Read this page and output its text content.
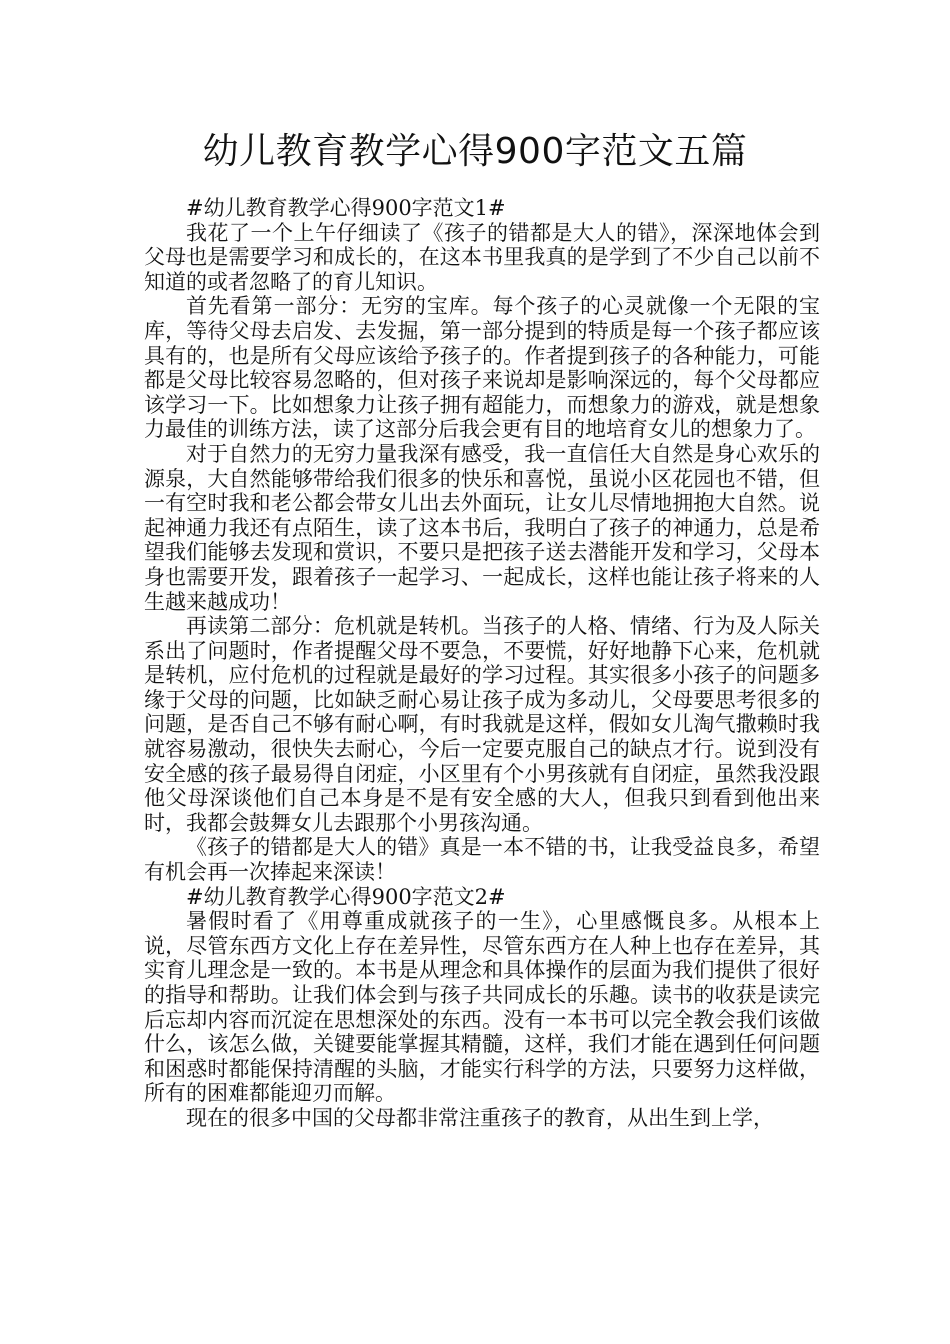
幼儿教育教学心得900字范文五篇

#幼儿教育教学心得900字范文1#

我花了一个上午仔细读了《孩子的错都是大人的错》，深深地体会到父母也是需要学习和成长的，在这本书里我真的是学到了不少自己以前不知道的或者忽略了的育儿知识。

首先看第一部分：无穷的宝库。每个孩子的心灵就像一个无限的宝库，等待父母去启发、去发掘，第一部分提到的特质是每一个孩子都应该具有的，也是所有父母应该给予孩子的。作者提到孩子的各种能力，可能都是父母比较容易忽略的，但对孩子来说却是影响深远的，每个父母都应该学习一下。比如想象力让孩子拥有超能力，而想象力的游戏，就是想象力最佳的训练方法，读了这部分后我会更有目的地培育女儿的想象力了。

对于自然力的无穷力量我深有感受，我一直信任大自然是身心欢乐的源泉，大自然能够带给我们很多的快乐和喜悦，虽说小区花园也不错，但一有空时我和老公都会带女儿出去外面玩，让女儿尽情地拥抱大自然。说起神通力我还有点陌生，读了这本书后，我明白了孩子的神通力，总是希望我们能够去发现和赏识，不要只是把孩子送去潜能开发和学习，父母本身也需要开发，跟着孩子一起学习、一起成长，这样也能让孩子将来的人生越来越成功！

再读第二部分：危机就是转机。当孩子的人格、情绪、行为及人际关系出了问题时，作者提醒父母不要急，不要慌，好好地静下心来，危机就是转机，应付危机的过程就是最好的学习过程。其实很多小孩子的问题多缘于父母的问题，比如缺乏耐心易让孩子成为多动儿，父母要思考很多的问题，是否自己不够有耐心啊，有时我就是这样，假如女儿淘气撒赖时我就容易激动，很快失去耐心，今后一定要克服自己的缺点才行。说到没有安全感的孩子最易得自闭症，小区里有个小男孩就有自闭症，虽然我没跟他父母深谈他们自己本身是不是有安全感的大人，但我只到看到他出来时，我都会鼓舞女儿去跟那个小男孩沟通。

《孩子的错都是大人的错》真是一本不错的书，让我受益良多，希望有机会再一次捧起来深读！

#幼儿教育教学心得900字范文2#

暑假时看了《用尊重成就孩子的一生》，心里感慨良多。从根本上说，尽管东西方文化上存在差异性，尽管东西方在人种上也存在差异，其实育儿理念是一致的。本书是从理念和具体操作的层面为我们提供了很好的指导和帮助。让我们体会到与孩子共同成长的乐趣。读书的收获是读完后忘却内容而沉淀在思想深处的东西。没有一本书可以完全教会我们该做什么，该怎么做，关键要能掌握其精髓，这样，我们才能在遇到任何问题和困惑时都能保持清醒的头脑，才能实行科学的方法，只要努力这样做，所有的困难都能迎刃而解。

现在的很多中国的父母都非常注重孩子的教育，从出生到上学，
